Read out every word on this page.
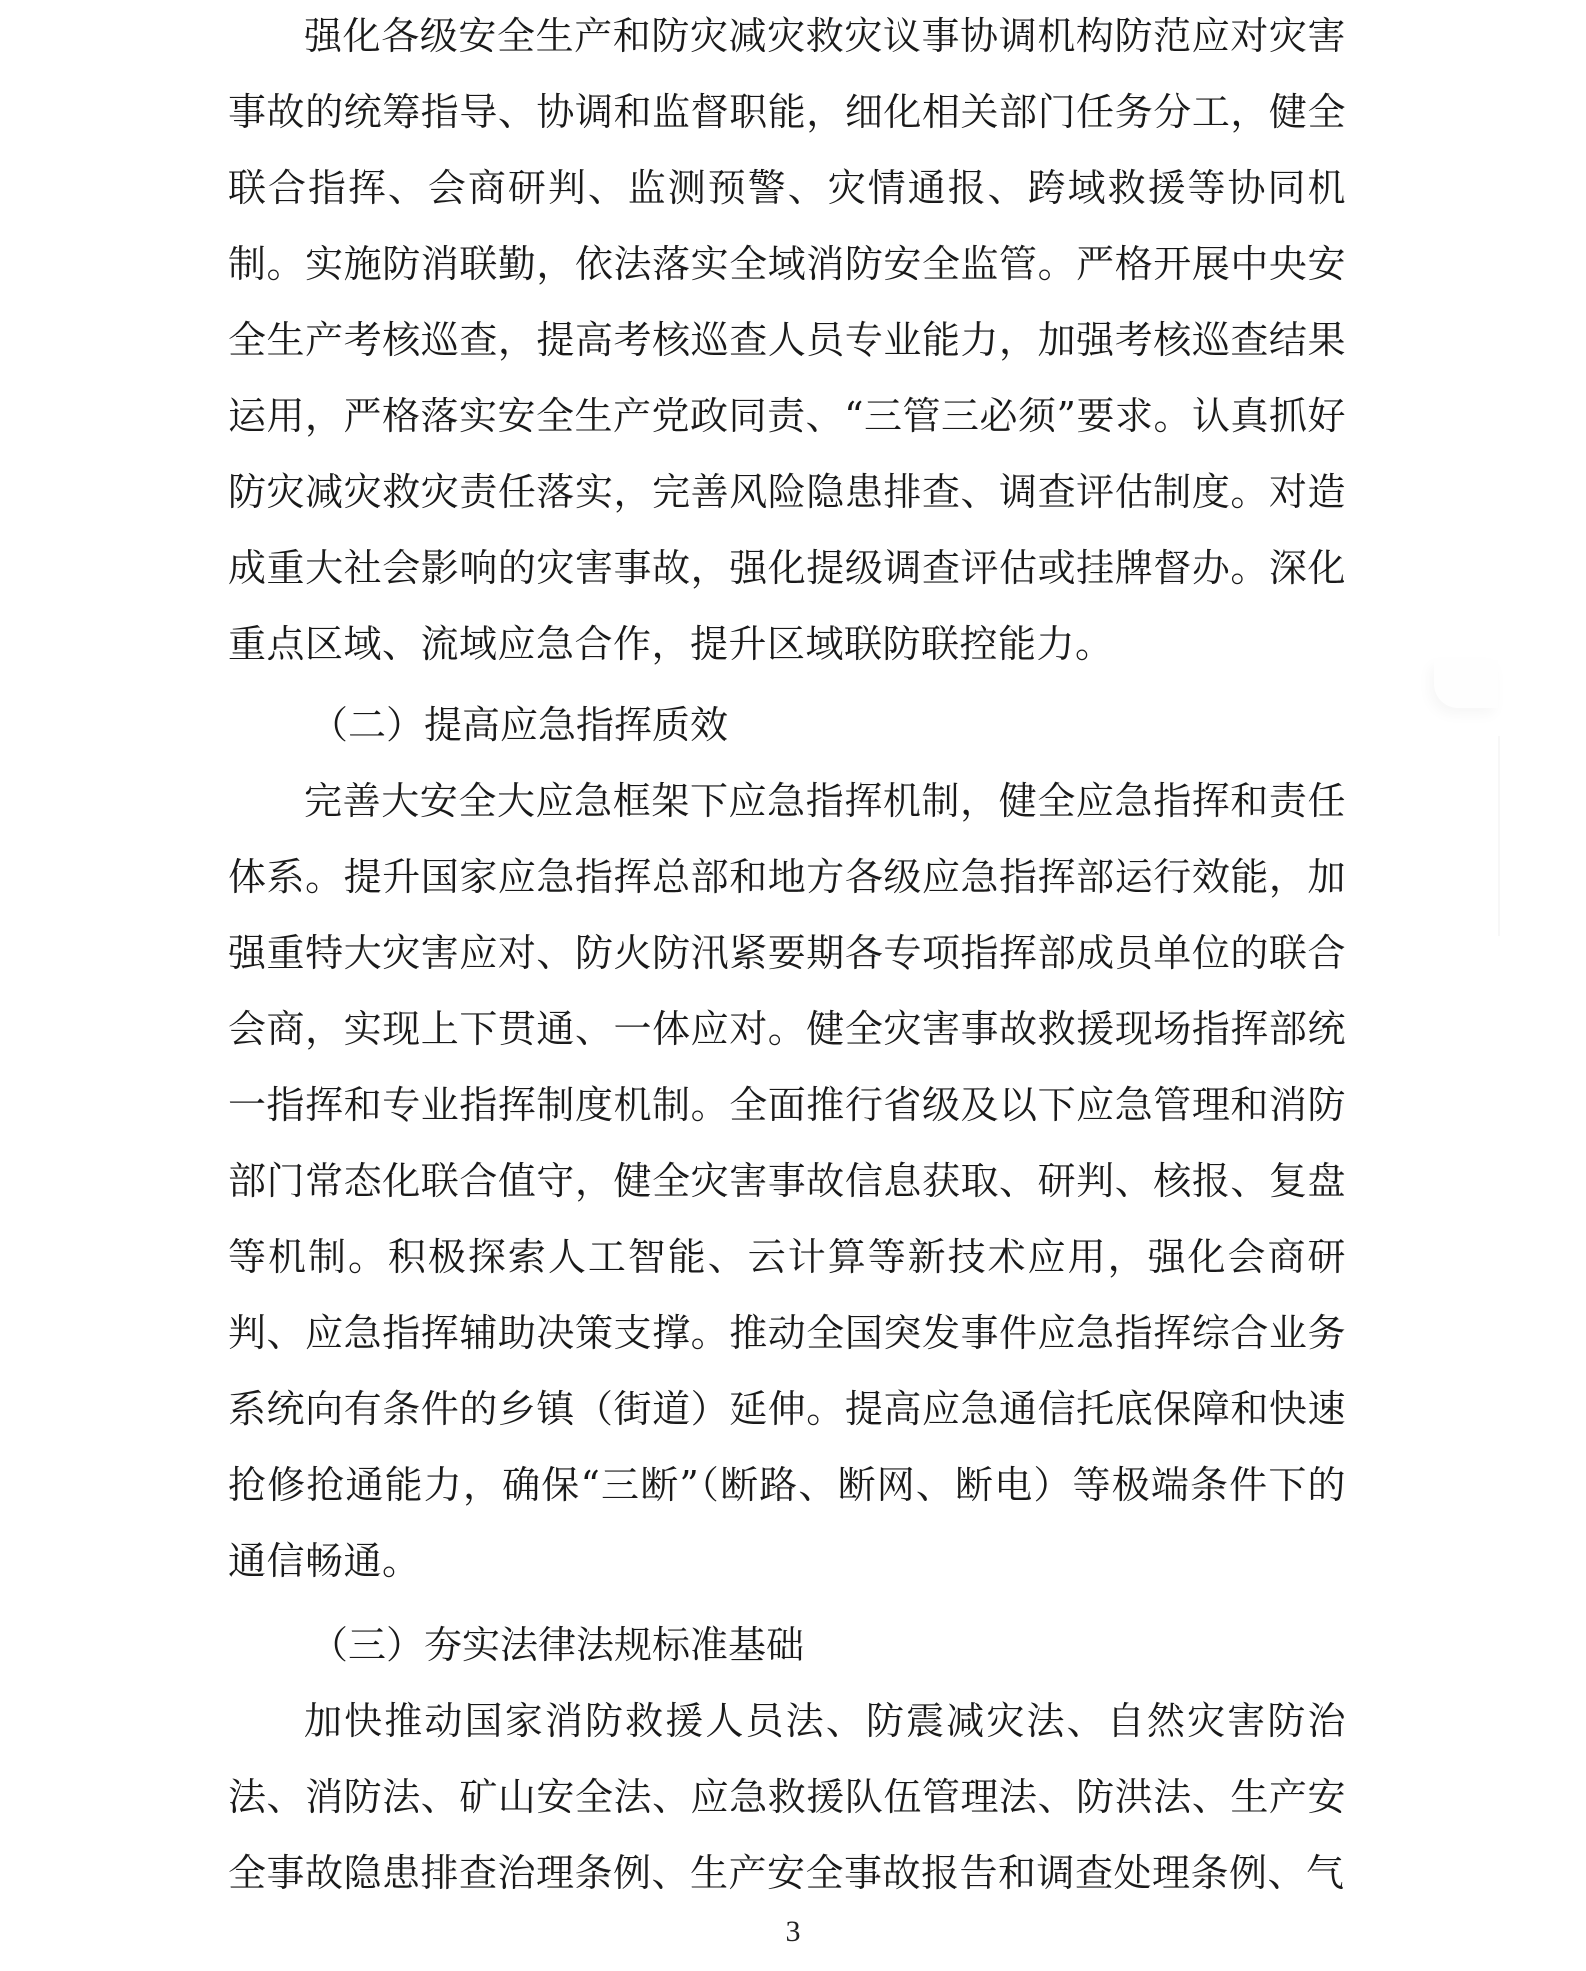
强化各级安全生产和防灾减灾救灾议事协调机构防范应对灾害事故的统筹指导、协调和监督职能，细化相关部门任务分工，健全联合指挥、会商研判、监测预警、灾情通报、跨域救援等协同机制。实施防消联勤，依法落实全域消防安全监管。严格开展中央安全生产考核巡查，提高考核巡查人员专业能力，加强考核巡查结果运用，严格落实安全生产党政同责、“三管三必须”要求。认真抓好防灾减灾救灾责任落实，完善风险隐患排查、调查评估制度。对造成重大社会影响的灾害事故，强化提级调查评估或挂牌督办。深化重点区域、流域应急合作，提升区域联防联控能力。
（二）提高应急指挥质效
完善大安全大应急框架下应急指挥机制，健全应急指挥和责任体系。提升国家应急指挥总部和地方各级应急指挥部运行效能，加强重特大灾害应对、防火防汛紧要期各专项指挥部成员单位的联合会商，实现上下贯通、一体应对。健全灾害事故救援现场指挥部统一指挥和专业指挥制度机制。全面推行省级及以下应急管理和消防部门常态化联合值守，健全灾害事故信息获取、研判、核报、复盘等机制。积极探索人工智能、云计算等新技术应用，强化会商研判、应急指挥辅助决策支撑。推动全国突发事件应急指挥综合业务系统向有条件的乡镇（街道）延伸。提高应急通信托底保障和快速抢修抢通能力，确保“三断”（断路、断网、断电）等极端条件下的通信畅通。
（三）夯实法律法规标准基础
加快推动国家消防救援人员法、防震减灾法、自然灾害防治法、消防法、矿山安全法、应急救援队伍管理法、防洪法、生产安全事故隐患排查治理条例、生产安全事故报告和调查处理条例、气
3
